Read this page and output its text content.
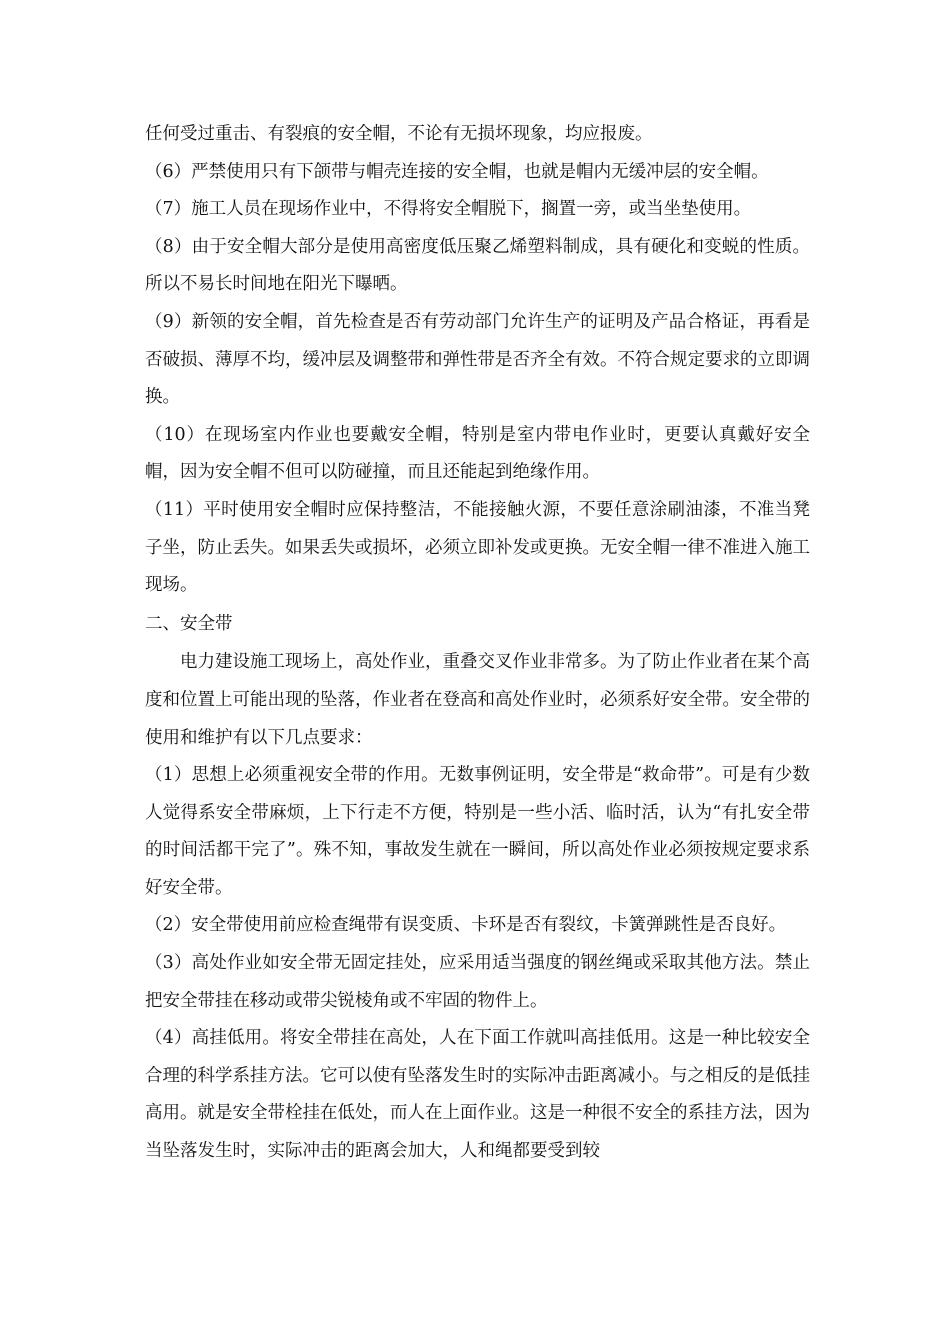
任何受过重击、有裂痕的安全帽，不论有无损坏现象，均应报废。

（6）严禁使用只有下颌带与帽壳连接的安全帽，也就是帽内无缓冲层的安全帽。

（7）施工人员在现场作业中，不得将安全帽脱下，搁置一旁，或当坐垫使用。

（8）由于安全帽大部分是使用高密度低压聚乙烯塑料制成，具有硬化和变蜕的性质。所以不易长时间地在阳光下曝晒。

（9）新领的安全帽，首先检查是否有劳动部门允许生产的证明及产品合格证，再看是否破损、薄厚不均，缓冲层及调整带和弹性带是否齐全有效。不符合规定要求的立即调换。

（10）在现场室内作业也要戴安全帽，特别是室内带电作业时，更要认真戴好安全帽，因为安全帽不但可以防碰撞，而且还能起到绝缘作用。

（11）平时使用安全帽时应保持整洁，不能接触火源，不要任意涂刷油漆，不准当凳子坐，防止丢失。如果丢失或损坏，必须立即补发或更换。无安全帽一律不准进入施工现场。

二、安全带

电力建设施工现场上，高处作业，重叠交叉作业非常多。为了防止作业者在某个高度和位置上可能出现的坠落，作业者在登高和高处作业时，必须系好安全带。安全带的使用和维护有以下几点要求：

（1）思想上必须重视安全带的作用。无数事例证明，安全带是“救命带”。可是有少数人觉得系安全带麻烦，上下行走不方便，特别是一些小活、临时活，认为“有扎安全带的时间活都干完了”。殊不知，事故发生就在一瞬间，所以高处作业必须按规定要求系好安全带。

（2）安全带使用前应检查绳带有误变质、卡环是否有裂纹，卡簧弹跳性是否良好。

（3）高处作业如安全带无固定挂处，应采用适当强度的钢丝绳或采取其他方法。禁止把安全带挂在移动或带尖锐棱角或不牢固的物件上。

（4）高挂低用。将安全带挂在高处，人在下面工作就叫高挂低用。这是一种比较安全合理的科学系挂方法。它可以使有坠落发生时的实际冲击距离减小。与之相反的是低挂高用。就是安全带栓挂在低处，而人在上面作业。这是一种很不安全的系挂方法，因为当坠落发生时，实际冲击的距离会加大，人和绳都要受到较
